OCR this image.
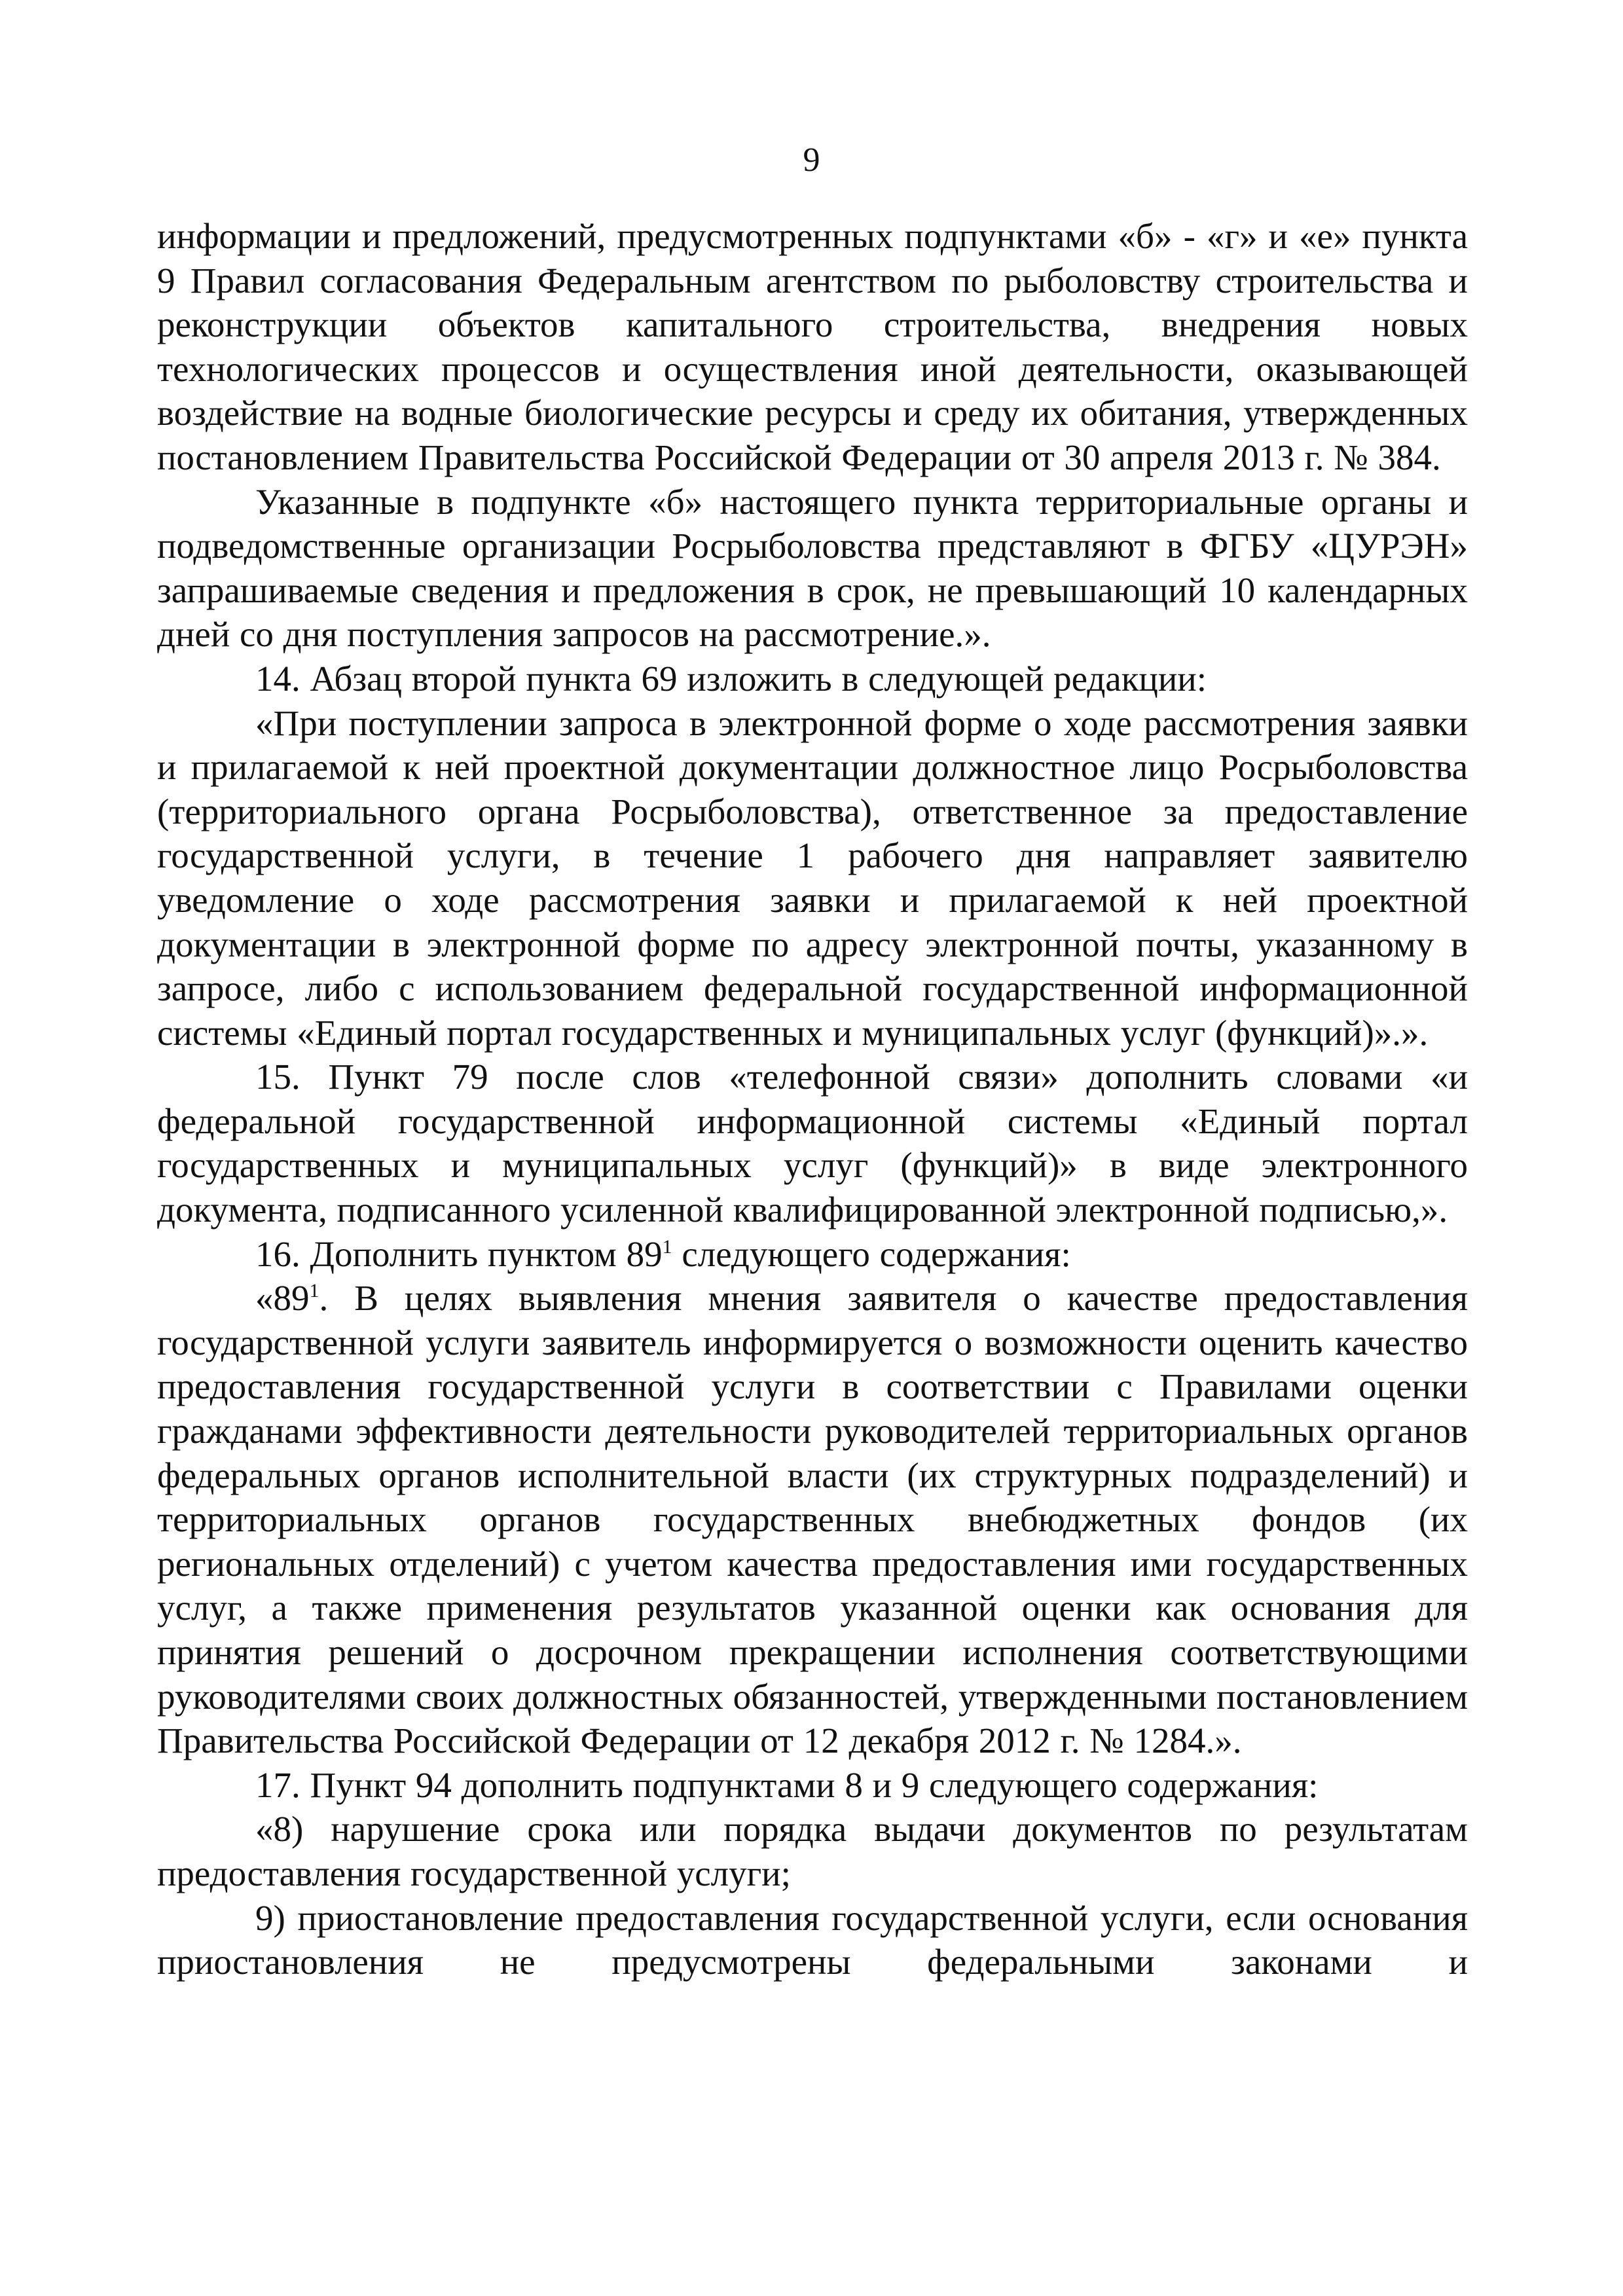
9

информации и предложений, предусмотренных подпунктами «б» - «г» и «е» пункта 9 Правил согласования Федеральным агентством по рыболовству строительства и реконструкции объектов капитального строительства, внедрения новых технологических процессов и осуществления иной деятельности, оказывающей воздействие на водные биологические ресурсы и среду их обитания, утвержденных постановлением Правительства Российской Федерации от 30 апреля 2013 г. № 384.

Указанные в подпункте «б» настоящего пункта территориальные органы и подведомственные организации Росрыболовства представляют в ФГБУ «ЦУРЭН» запрашиваемые сведения и предложения в срок, не превышающий 10 календарных дней со дня поступления запросов на рассмотрение.».

14. Абзац второй пункта 69 изложить в следующей редакции:

«При поступлении запроса в электронной форме о ходе рассмотрения заявки и прилагаемой к ней проектной документации должностное лицо Росрыболовства (территориального органа Росрыболовства), ответственное за предоставление государственной услуги, в течение 1 рабочего дня направляет заявителю уведомление о ходе рассмотрения заявки и прилагаемой к ней проектной документации в электронной форме по адресу электронной почты, указанному в запросе, либо с использованием федеральной государственной информационной системы «Единый портал государственных и муниципальных услуг (функций)».».

15. Пункт 79 после слов «телефонной связи» дополнить словами «и федеральной государственной информационной системы «Единый портал государственных и муниципальных услуг (функций)» в виде электронного документа, подписанного усиленной квалифицированной электронной подписью,».

16. Дополнить пунктом $89^1$ следующего содержания:

«$89^1$. В целях выявления мнения заявителя о качестве предоставления государственной услуги заявитель информируется о возможности оценить качество предоставления государственной услуги в соответствии с Правилами оценки гражданами эффективности деятельности руководителей территориальных органов федеральных органов исполнительной власти (их структурных подразделений) и территориальных органов государственных внебюджетных фондов (их региональных отделений) с учетом качества предоставления ими государственных услуг, а также применения результатов указанной оценки как основания для принятия решений о досрочном прекращении исполнения соответствующими руководителями своих должностных обязанностей, утвержденными постановлением Правительства Российской Федерации от 12 декабря 2012 г. № 1284.».

17. Пункт 94 дополнить подпунктами 8 и 9 следующего содержания:

«8) нарушение срока или порядка выдачи документов по результатам предоставления государственной услуги;

9) приостановление предоставления государственной услуги, если основания приостановления не предусмотрены федеральными законами и
